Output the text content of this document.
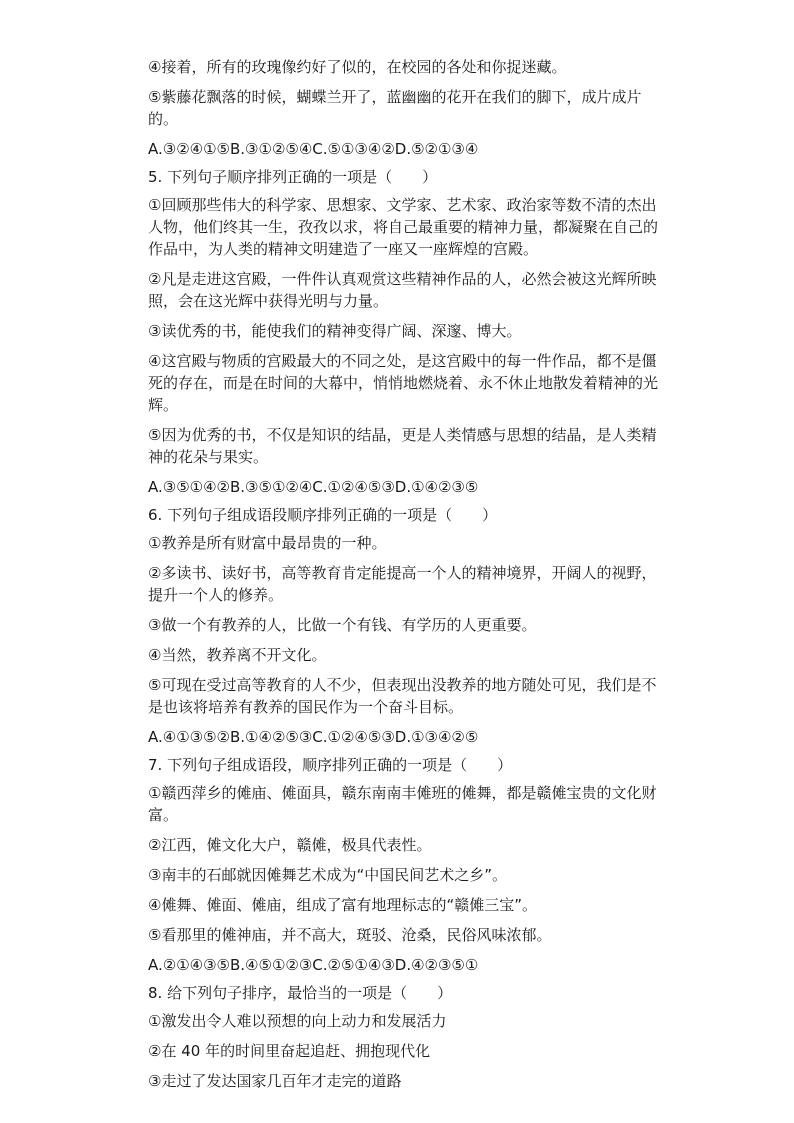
④接着，所有的玫瑰像约好了似的，在校园的各处和你捉迷藏。

⑤紫藤花飘落的时候，蝴蝶兰开了，蓝幽幽的花开在我们的脚下，成片成片的。

A.③②④①⑤B.③①②⑤④C.⑤①③④②D.⑤②①③④

5. 下列句子顺序排列正确的一项是（　　）

①回顾那些伟大的科学家、思想家、文学家、艺术家、政治家等数不清的杰出人物，他们终其一生，孜孜以求，将自己最重要的精神力量，都凝聚在自己的作品中，为人类的精神文明建造了一座又一座辉煌的宫殿。

②凡是走进这宫殿，一件件认真观赏这些精神作品的人，必然会被这光辉所映照，会在这光辉中获得光明与力量。

③读优秀的书，能使我们的精神变得广阔、深邃、博大。

④这宫殿与物质的宫殿最大的不同之处，是这宫殿中的每一件作品，都不是僵死的存在，而是在时间的大幕中，悄悄地燃烧着、永不休止地散发着精神的光辉。

⑤因为优秀的书，不仅是知识的结晶，更是人类情感与思想的结晶，是人类精神的花朵与果实。

A.③⑤①④②B.③⑤①②④C.①②④⑤③D.①④②③⑤

6. 下列句子组成语段顺序排列正确的一项是（　　）

①教养是所有财富中最昂贵的一种。

②多读书、读好书，高等教育肯定能提高一个人的精神境界，开阔人的视野，提升一个人的修养。

③做一个有教养的人，比做一个有钱、有学历的人更重要。

④当然，教养离不开文化。

⑤可现在受过高等教育的人不少，但表现出没教养的地方随处可见，我们是不是也该将培养有教养的国民作为一个奋斗目标。

A.④①③⑤②B.①④②⑤③C.①②④⑤③D.①③④②⑤

7. 下列句子组成语段，顺序排列正确的一项是（　　）

①赣西萍乡的傩庙、傩面具，赣东南南丰傩班的傩舞，都是赣傩宝贵的文化财富。

②江西，傩文化大户，赣傩，极具代表性。

③南丰的石邮就因傩舞艺术成为“中国民间艺术之乡”。

④傩舞、傩面、傩庙，组成了富有地理标志的“赣傩三宝”。

⑤看那里的傩神庙，并不高大，斑驳、沧桑，民俗风味浓郁。

A.②①④③⑤B.④⑤①②③C.②⑤①④③D.④②③⑤①

8. 给下列句子排序，最恰当的一项是（　　）

①激发出令人难以预想的向上动力和发展活力

②在 40 年的时间里奋起追赶、拥抱现代化

③走过了发达国家几百年才走完的道路
